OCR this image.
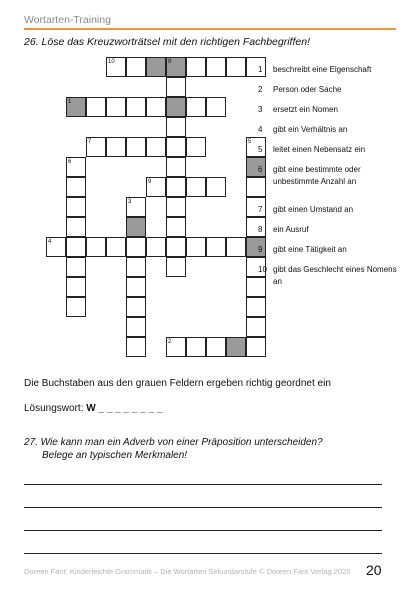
Wortarten-Training
26. Löse das Kreuzworträtsel mit den richtigen Fachbegriffen!
10	8
1
7	5
6
9
3
4
2
1	beschreibt eine Eigenschaft
2	Person oder Sache
3	ersetzt ein Nomen
4	gibt ein Verhältnis an
5	leitet einen Nebensatz ein
6	gibt eine bestimmte oder unbestimmte Anzahl an
7	gibt einen Umstand an
8	ein Ausruf
9	gibt eine Tätigkeit an
10 gibt das Geschlecht eines Nomens an
Die Buchstaben aus den grauen Feldern ergeben richtig geordnet ein
Lösungswort: W _ _ _ _ _ _ _ _
27. Wie kann man ein Adverb von einer Präposition unterscheiden?
Belege an typischen Merkmalen!
Doreen Fant: Kinderleichte Grammatik – Die Wortarten Sekundarstufe © Doreen Fant Verlag 2020	20
